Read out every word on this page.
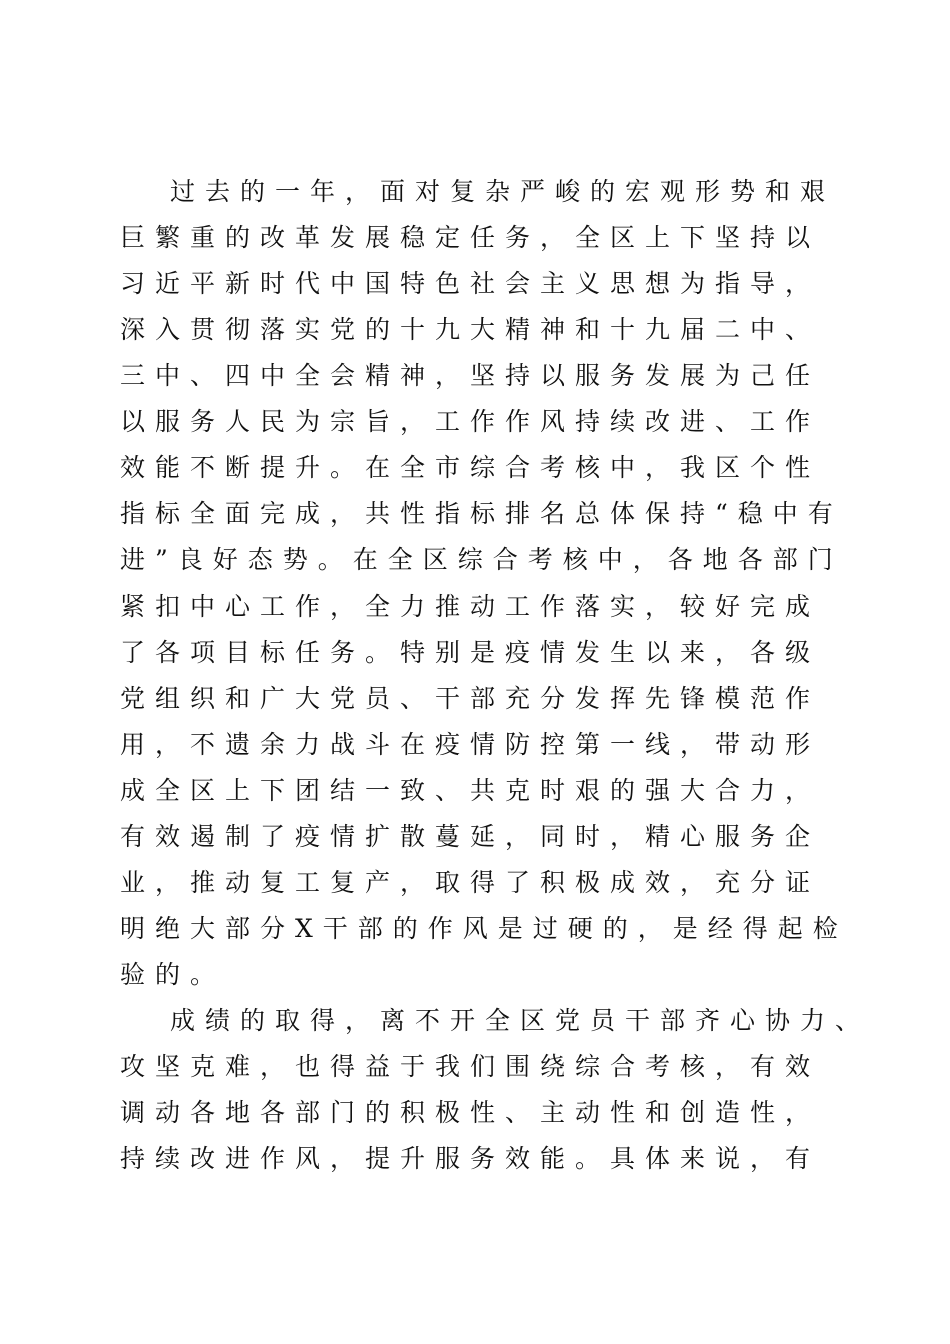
过去的一年，面对复杂严峻的宏观形势和艰
巨繁重的改革发展稳定任务，全区上下坚持以
习近平新时代中国特色社会主义思想为指导，
深入贯彻落实党的十九大精神和十九届二中、
三中、四中全会精神，坚持以服务发展为己任
以服务人民为宗旨，工作作风持续改进、工作
效能不断提升。在全市综合考核中，我区个性
指标全面完成，共性指标排名总体保持“稳中有
进”良好态势。在全区综合考核中，各地各部门
紧扣中心工作，全力推动工作落实，较好完成
了各项目标任务。特别是疫情发生以来，各级
党组织和广大党员、干部充分发挥先锋模范作
用，不遗余力战斗在疫情防控第一线，带动形
成全区上下团结一致、共克时艰的强大合力，
有效遏制了疫情扩散蔓延，同时，精心服务企
业，推动复工复产，取得了积极成效，充分证
明绝大部分X干部的作风是过硬的，是经得起检
验的。
成绩的取得，离不开全区党员干部齐心协力、
攻坚克难，也得益于我们围绕综合考核，有效
调动各地各部门的积极性、主动性和创造性，
持续改进作风，提升服务效能。具体来说，有
